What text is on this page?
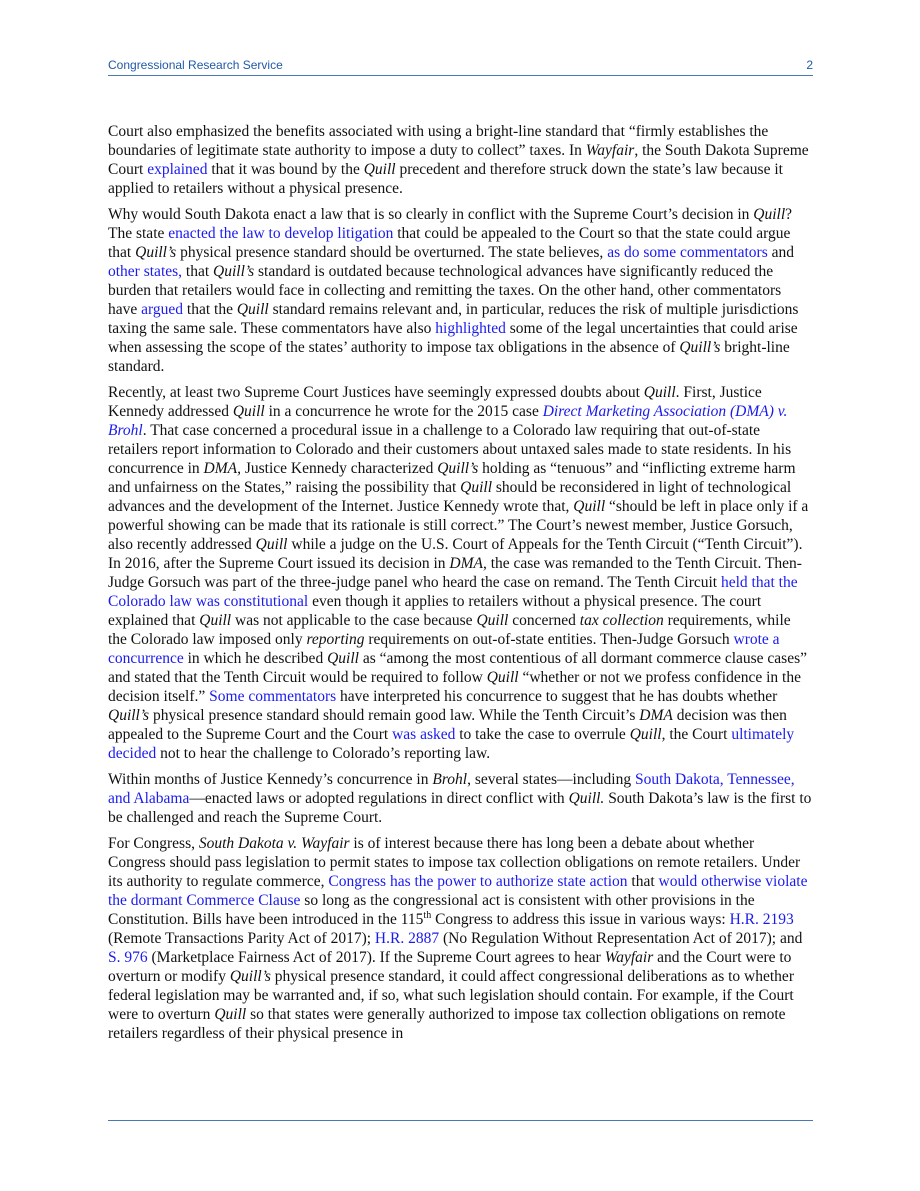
Congressional Research Service	2

Court also emphasized the benefits associated with using a bright-line standard that “firmly establishes the boundaries of legitimate state authority to impose a duty to collect” taxes. In Wayfair, the South Dakota Supreme Court explained that it was bound by the Quill precedent and therefore struck down the state’s law because it applied to retailers without a physical presence.

Why would South Dakota enact a law that is so clearly in conflict with the Supreme Court’s decision in Quill? The state enacted the law to develop litigation that could be appealed to the Court so that the state could argue that Quill’s physical presence standard should be overturned. The state believes, as do some commentators and other states, that Quill’s standard is outdated because technological advances have significantly reduced the burden that retailers would face in collecting and remitting the taxes. On the other hand, other commentators have argued that the Quill standard remains relevant and, in particular, reduces the risk of multiple jurisdictions taxing the same sale. These commentators have also highlighted some of the legal uncertainties that could arise when assessing the scope of the states’ authority to impose tax obligations in the absence of Quill’s bright-line standard.

Recently, at least two Supreme Court Justices have seemingly expressed doubts about Quill. First, Justice Kennedy addressed Quill in a concurrence he wrote for the 2015 case Direct Marketing Association (DMA) v. Brohl. That case concerned a procedural issue in a challenge to a Colorado law requiring that out-of-state retailers report information to Colorado and their customers about untaxed sales made to state residents. In his concurrence in DMA, Justice Kennedy characterized Quill’s holding as “tenuous” and “inflicting extreme harm and unfairness on the States,” raising the possibility that Quill should be reconsidered in light of technological advances and the development of the Internet. Justice Kennedy wrote that, Quill “should be left in place only if a powerful showing can be made that its rationale is still correct.” The Court’s newest member, Justice Gorsuch, also recently addressed Quill while a judge on the U.S. Court of Appeals for the Tenth Circuit (“Tenth Circuit”). In 2016, after the Supreme Court issued its decision in DMA, the case was remanded to the Tenth Circuit. Then-Judge Gorsuch was part of the three-judge panel who heard the case on remand. The Tenth Circuit held that the Colorado law was constitutional even though it applies to retailers without a physical presence. The court explained that Quill was not applicable to the case because Quill concerned tax collection requirements, while the Colorado law imposed only reporting requirements on out-of-state entities. Then-Judge Gorsuch wrote a concurrence in which he described Quill as “among the most contentious of all dormant commerce clause cases” and stated that the Tenth Circuit would be required to follow Quill “whether or not we profess confidence in the decision itself.” Some commentators have interpreted his concurrence to suggest that he has doubts whether Quill’s physical presence standard should remain good law. While the Tenth Circuit’s DMA decision was then appealed to the Supreme Court and the Court was asked to take the case to overrule Quill, the Court ultimately decided not to hear the challenge to Colorado’s reporting law.

Within months of Justice Kennedy’s concurrence in Brohl, several states—including South Dakota, Tennessee, and Alabama—enacted laws or adopted regulations in direct conflict with Quill. South Dakota’s law is the first to be challenged and reach the Supreme Court.

For Congress, South Dakota v. Wayfair is of interest because there has long been a debate about whether Congress should pass legislation to permit states to impose tax collection obligations on remote retailers. Under its authority to regulate commerce, Congress has the power to authorize state action that would otherwise violate the dormant Commerce Clause so long as the congressional act is consistent with other provisions in the Constitution. Bills have been introduced in the 115th Congress to address this issue in various ways: H.R. 2193 (Remote Transactions Parity Act of 2017); H.R. 2887 (No Regulation Without Representation Act of 2017); and S. 976 (Marketplace Fairness Act of 2017). If the Supreme Court agrees to hear Wayfair and the Court were to overturn or modify Quill’s physical presence standard, it could affect congressional deliberations as to whether federal legislation may be warranted and, if so, what such legislation should contain. For example, if the Court were to overturn Quill so that states were generally authorized to impose tax collection obligations on remote retailers regardless of their physical presence in
